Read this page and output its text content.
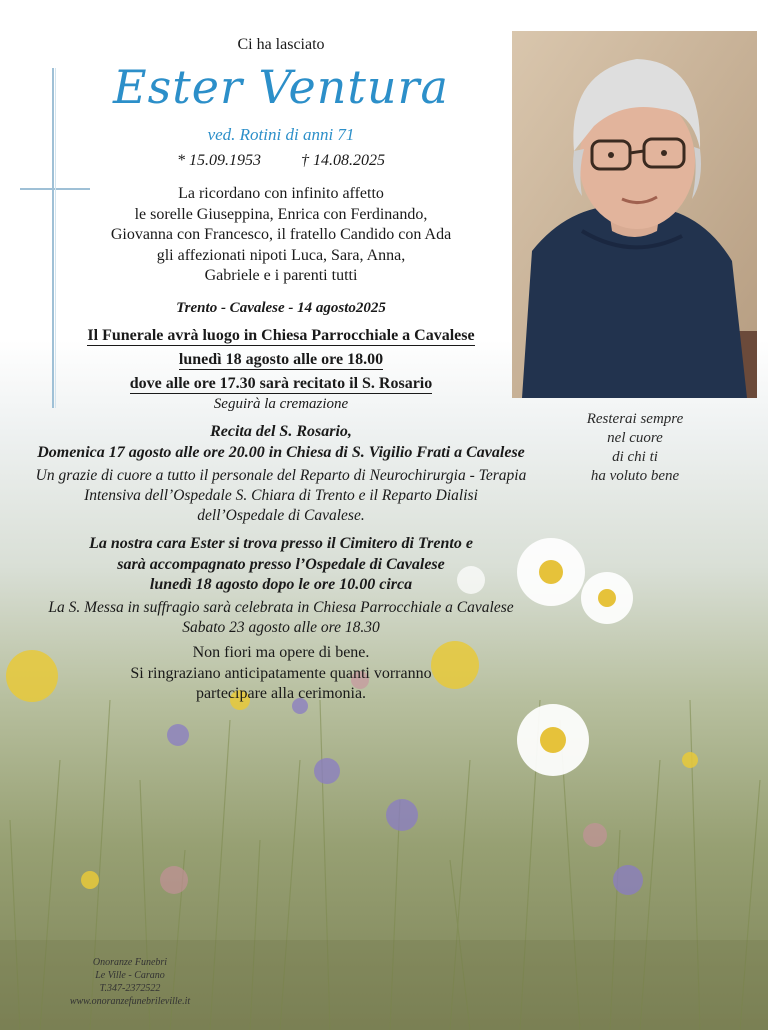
Ci ha lasciato
Ester Ventura
ved. Rotini di anni 71
* 15.09.1953	† 14.08.2025
La ricordano con infinito affetto
le sorelle Giuseppina, Enrica con Ferdinando,
Giovanna con Francesco, il fratello Candido con Ada
gli affezionati nipoti Luca, Sara, Anna,
Gabriele e i parenti tutti
Trento - Cavalese - 14 agosto2025
Il Funerale avrà luogo in Chiesa Parrocchiale a Cavalese
lunedì 18 agosto alle ore 18.00
dove alle ore 17.30 sarà recitato il S. Rosario
Seguirà la cremazione
Recita del S. Rosario,
Domenica 17 agosto alle ore 20.00 in Chiesa di S. Vigilio Frati a Cavalese
Un grazie di cuore a tutto il personale del Reparto di Neurochirurgia - Terapia
Intensiva dell’Ospedale S. Chiara di Trento e il Reparto Dialisi
dell’Ospedale di Cavalese.
La nostra cara Ester si trova presso il Cimitero di Trento e
sarà accompagnato presso l’Ospedale di Cavalese
lunedì 18 agosto dopo le ore 10.00 circa
La S. Messa in suffragio sarà celebrata in Chiesa Parrocchiale a Cavalese
Sabato 23 agosto alle ore 18.30
Non fiori ma opere di bene.
Si ringraziano anticipatamente quanti vorranno
partecipare alla cerimonia.
Resterai sempre
nel cuore
di chi ti
ha voluto bene
Onoranze Funebri
Le Ville - Carano
T.347-2372522
www.onoranzefunebrileville.it
